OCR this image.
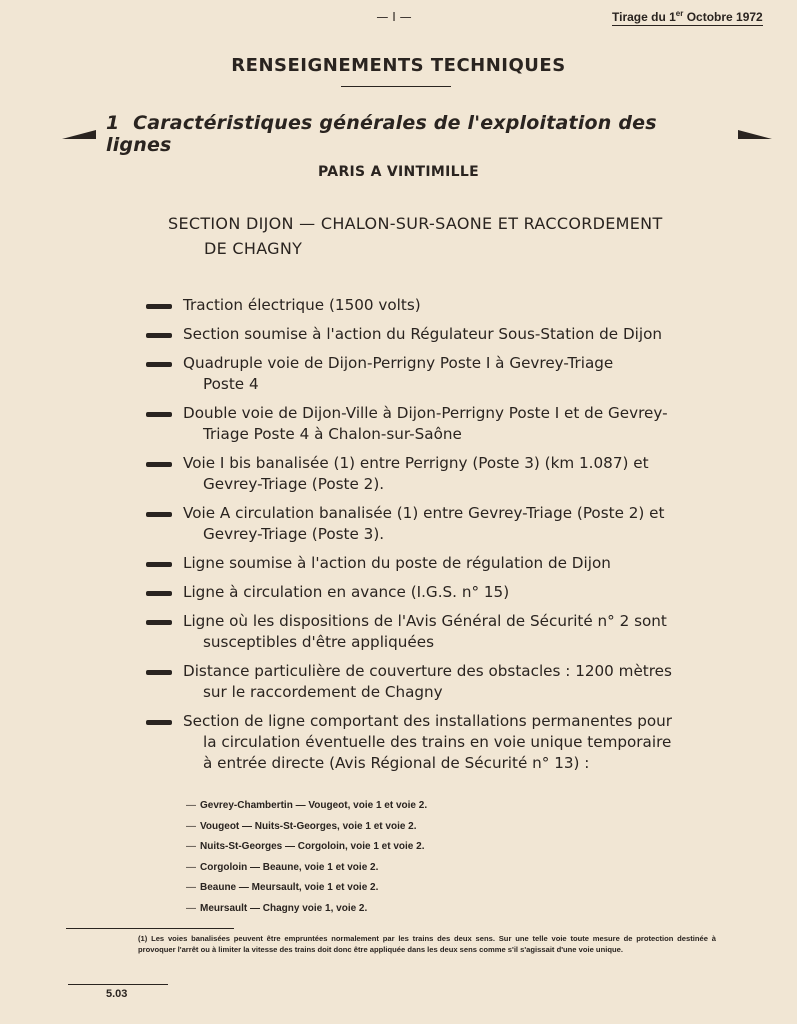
— I —	Tirage du 1er Octobre 1972
RENSEIGNEMENTS TECHNIQUES
1 Caractéristiques générales de l'exploitation des lignes
PARIS A VINTIMILLE
SECTION DIJON — CHALON-SUR-SAONE ET RACCORDEMENT
DE CHAGNY
Traction électrique (1500 volts)
Section soumise à l'action du Régulateur Sous-Station de Dijon
Quadruple voie de Dijon-Perrigny Poste I à Gevrey-Triage
Poste 4
Double voie de Dijon-Ville à Dijon-Perrigny Poste I et de Gevrey-
Triage Poste 4 à Chalon-sur-Saône
Voie I bis banalisée (1) entre Perrigny (Poste 3) (km 1.087) et
Gevrey-Triage (Poste 2).
Voie A circulation banalisée (1) entre Gevrey-Triage (Poste 2) et
Gevrey-Triage (Poste 3).
Ligne soumise à l'action du poste de régulation de Dijon
Ligne à circulation en avance (I.G.S. n° 15)
Ligne où les dispositions de l'Avis Général de Sécurité n° 2 sont
susceptibles d'être appliquées
Distance particulière de couverture des obstacles : 1200 mètres
sur le raccordement de Chagny
Section de ligne comportant des installations permanentes pour
la circulation éventuelle des trains en voie unique temporaire
à entrée directe (Avis Régional de Sécurité n° 13) :
— Gevrey-Chambertin — Vougeot, voie 1 et voie 2.
— Vougeot — Nuits-St-Georges, voie 1 et voie 2.
— Nuits-St-Georges — Corgoloin, voie 1 et voie 2.
— Corgoloin — Beaune, voie 1 et voie 2.
— Beaune — Meursault, voie 1 et voie 2.
— Meursault — Chagny voie 1, voie 2.
(1) Les voies banalisées peuvent être empruntées normalement par les trains des deux sens. Sur une telle voie toute mesure de protection destinée à provoquer l'arrêt ou à limiter la vitesse des trains doit donc être appliquée dans les deux sens comme s'il s'agissait d'une voie unique.
5.03
